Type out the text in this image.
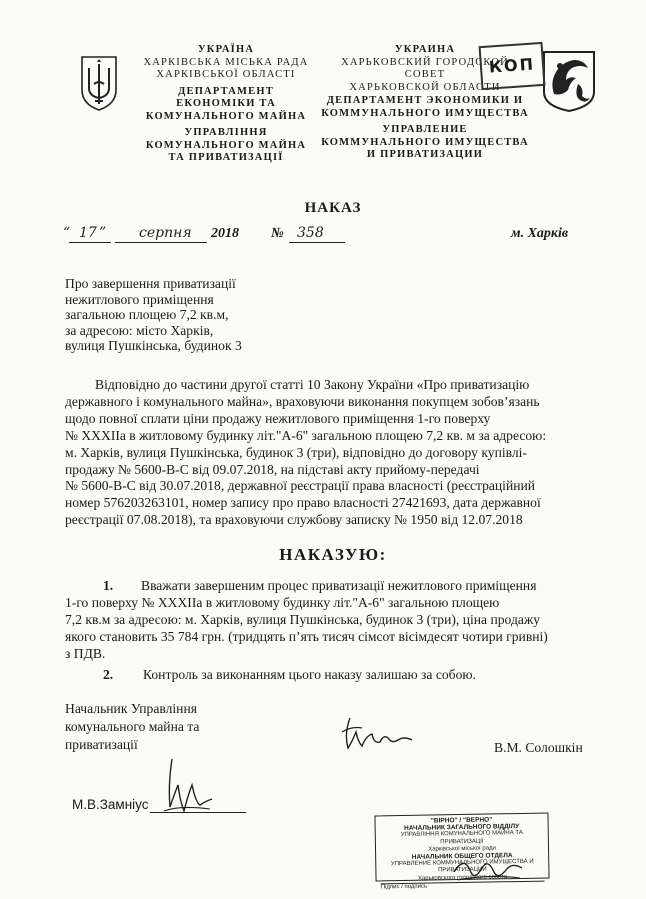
УКРАЇНА
ХАРКІВСЬКА МІСЬКА РАДА
ХАРКІВСЬКОЇ ОБЛАСТІ
ДЕПАРТАМЕНТ
ЕКОНОМІКИ ТА
КОМУНАЛЬНОГО МАЙНА
УПРАВЛІННЯ
КОМУНАЛЬНОГО МАЙНА
ТА ПРИВАТИЗАЦІЇ
УКРАИНА
ХАРЬКОВСКИЙ ГОРОДСКОЙ
СОВЕТ
ХАРЬКОВСКОЙ ОБЛАСТИ
ДЕПАРТАМЕНТ ЭКОНОМИКИ И
КОММУНАЛЬНОГО ИМУЩЕСТВА
УПРАВЛЕНИЕ
КОММУНАЛЬНОГО ИМУЩЕСТВА
И ПРИВАТИЗАЦИИ
КОП
НАКАЗ
“ 17 ” серпня 2018 № 358	м. Харків
Про завершення приватизації
нежитлового приміщення
загальною площею 7,2 кв.м,
за адресою: місто Харків,
вулиця Пушкінська, будинок 3
Відповідно до частини другої статті 10 Закону України «Про приватизацію
державного і комунального майна», враховуючи виконання покупцем зобов’язань
щодо повної сплати ціни продажу нежитлового приміщення 1-го поверху
№ ХХХІІа в житловому будинку літ."А-6" загальною площею 7,2 кв. м за адресою:
м. Харків, вулиця Пушкінська, будинок 3 (три), відповідно до договору купівлі-
продажу № 5600-В-С від 09.07.2018, на підставі акту прийому-передачі
№ 5600-В-С від 30.07.2018, державної реєстрації права власності (реєстраційний
номер 576203263101, номер запису про право власності 27421693, дата державної
реєстрації 07.08.2018), та враховуючи службову записку № 1950 від 12.07.2018
НАКАЗУЮ:
1. Вважати завершеним процес приватизації нежитлового приміщення
1-го поверху № ХХХІІа в житловому будинку літ."А-6" загальною площею
7,2 кв.м за адресою: м. Харків, вулиця Пушкінська, будинок 3 (три), ціна продажу
якого становить 35 784 грн. (тридцять п’ять тисяч сімсот вісімдесят чотири гривні)
з ПДВ.
2. Контроль за виконанням цього наказу залишаю за собою.
Начальник Управління
комунального майна та
приватизації	В.М. Солошкін
М.В.Замніус
"ВІРНО" / "ВЕРНО"
НАЧАЛЬНИК ЗАГАЛЬНОГО ВІДДІЛУ
УПРАВЛІННЯ КОМУНАЛЬНОГО МАЙНА ТА ПРИВАТИЗАЦІЇ
Харківської міської ради
НАЧАЛЬНИК ОБЩЕГО ОТДЕЛА
УПРАВЛЕНИЕ КОММУНАЛЬНОГО ИМУЩЕСТВА И ПРИВАТИЗАЦИИ
Харьковского городского совета
Підпис / подпись
